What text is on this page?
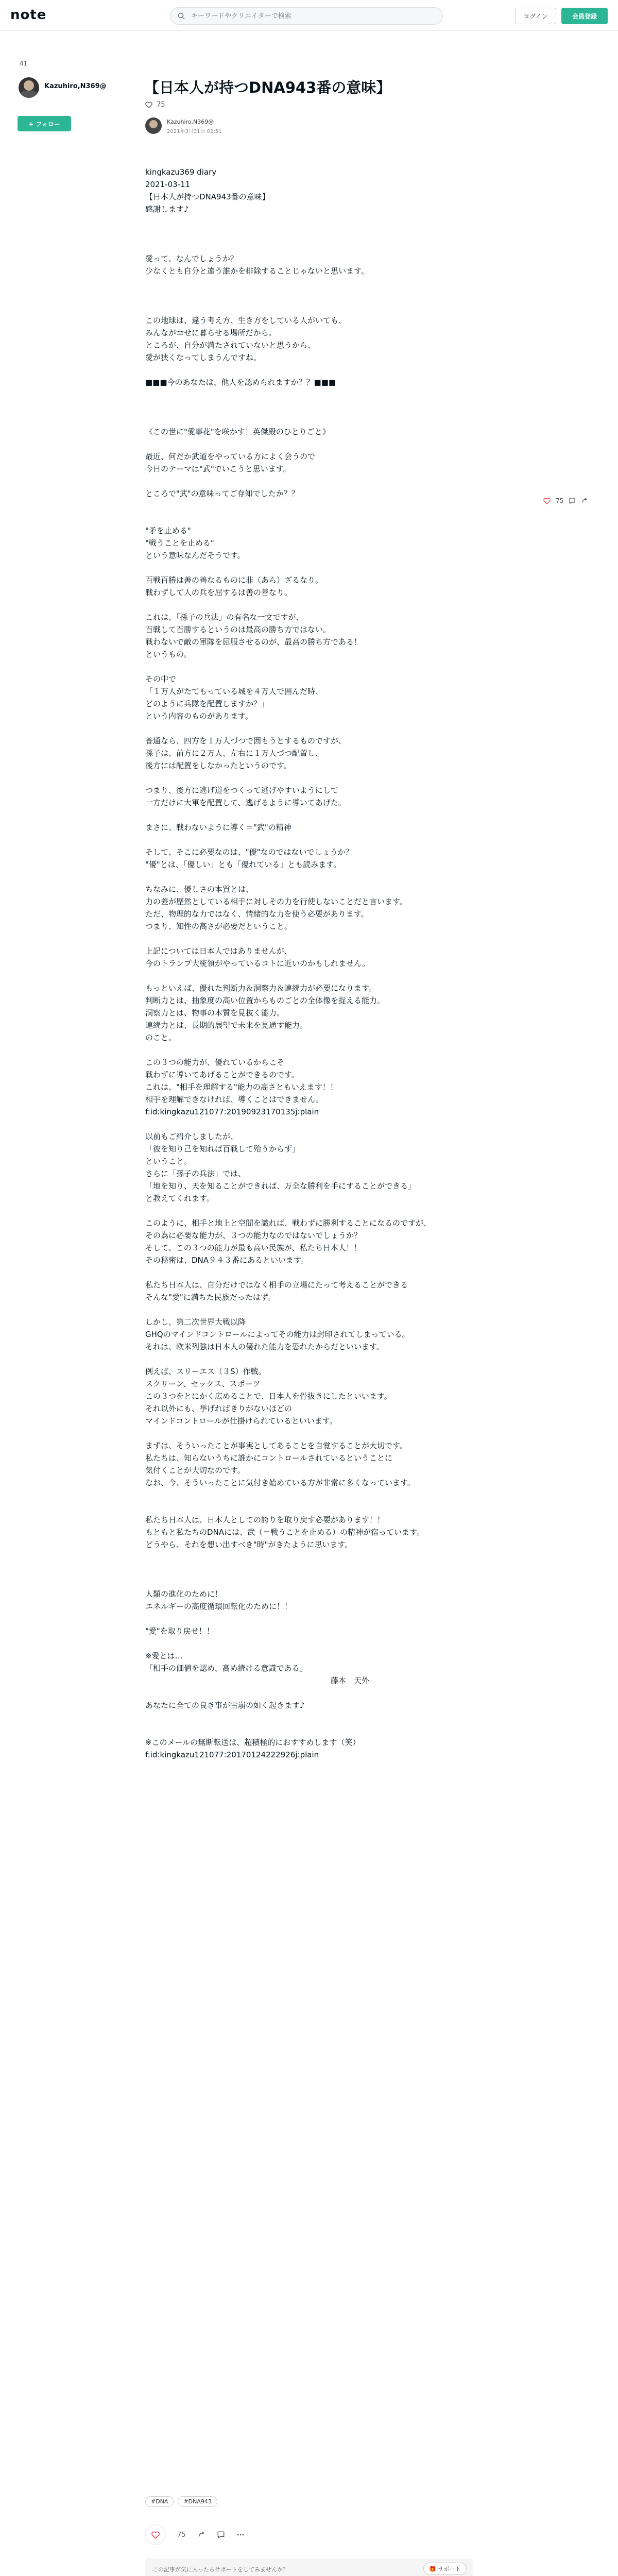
note
キーワードやクリエイターで検索	ログイン	会員登録
41
Kazuhiro,N369@
+ フォロー
【日本人が持つDNA943番の意味】
75
Kazuhiro,N369@
2021年3月31日 02:51

kingkazu369 diary

2021-03-11

【日本人が持つDNA943番の意味】

感謝します♪

愛って、なんでしょうか？

少なくとも自分と違う誰かを排除することじゃないと思います。

この地球は、違う考え方、生き方をしている人がいても、

みんなが幸せに暮らせる場所だから。

ところが、自分が満たされていないと思うから、

愛が狭くなってしまうんですね。

■■■今のあなたは、他人を認められますか？？■■■

《この世に"愛事花"を咲かす！英傑殿のひとりごと》

最近、何だか武道をやっている方によく会うので

今日のテーマは"武"でいこうと思います。

ところで"武"の意味ってご存知でしたか？？

"矛を止める"

"戦うことを止める"

という意味なんだそうです。

百戦百勝は善の善なるものに非（あら）ざるなり。

戦わずして人の兵を屈するは善の善なり。

これは、「孫子の兵法」の有名な一文ですが、

百戦して百勝するというのは最高の勝ち方ではない。

戦わないで敵の軍隊を屈服させるのが、最高の勝ち方である！

というもの。

その中で

「１万人がたてもっている城を４万人で囲んだ時、

どのように兵隊を配置しますか？」

という内容のものがあります。

普通なら、四方を１万人づつで囲もうとするものですが、

孫子は、前方に２万人、左右に１万人づつ配置し、

後方には配置をしなかったというのです。

つまり、後方に逃げ道をつくって逃げやすいようにして

一方だけに大軍を配置して、逃げるように導いてあげた。

まさに、戦わないように導く＝"武"の精神

そして、そこに必要なのは、"優"なのではないでしょうか？

"優"とは、「優しい」とも「優れている」とも読みます。

ちなみに、優しさの本質とは、

力の差が歴然としている相手に対しその力を行使しないことだと言います。

ただ、物理的な力ではなく、情緒的な力を使う必要があります。

つまり、知性の高さが必要だということ。

上記については日本人ではありませんが、

今のトランプ大統領がやっているコトに近いのかもしれません。

もっといえば、優れた判断力＆洞察力＆連続力が必要になります。

判断力とは、抽象度の高い位置からものごとの全体像を捉える能力。

洞察力とは、物事の本質を見抜く能力。

連続力とは、長期的展望で未来を見通す能力。

のこと。

この３つの能力が、優れているからこそ

戦わずに導いてあげることができるのです。

これは、"相手を理解する"能力の高さともいえます！！

相手を理解できなければ、導くことはできません。

f:id:kingkazu121077:20190923170135j:plain

以前もご紹介しましたが、

「彼を知り己を知れば百戦して殆うからず」

ということ。

さらに「孫子の兵法」では、

「地を知り、天を知ることができれば、万全な勝利を手にすることができる」

と教えてくれます。

このように、相手と地上と空間を識れば、戦わずに勝利することになるのですが、

その為に必要な能力が、３つの能力なのではないでしょうか？

そして、この３つの能力が最も高い民族が、私たち日本人！！

その秘密は、DNA９４３番にあるといいます。

私たち日本人は、自分だけではなく相手の立場にたって考えることができる

そんな"愛"に満ちた民族だったはず。

しかし、第二次世界大戦以降

GHQのマインドコントロールによってその能力は封印されてしまっている。

それは、欧米列強は日本人の優れた能力を恐れたからだといいます。

例えば、スリーエス（３S）作戦。

スクリーン、セックス、スポーツ

この３つをとにかく広めることで、日本人を骨抜きにしたといいます。

それ以外にも、挙げればきりがないほどの

マインドコントロールが仕掛けられているといいます。

まずは、そういったことが事実としてあることを自覚することが大切です。

私たちは、知らないうちに誰かにコントロールされているということに

気付くことが大切なのです。

なお、今、そういったことに気付き始めている方が非常に多くなっています。

私たち日本人は、日本人としての誇りを取り戻す必要があります！！

もともと私たちのDNAには、武（＝戦うことを止める）の精神が宿っています。

どうやら、それを想い出すべき"時"がきたように思います。

人類の進化のために！

エネルギーの高度循環回転化のために！！

"愛"を取り戻せ！！

※愛とは…

「相手の価値を認め、高め続ける意識である」

　　　　　　　　　　　　　　　　　　　　　　　　藤本　天外

あなたに全ての良き事が雪崩の如く起きます♪

※このメールの無断転送は、超積極的におすすめします（笑）

f:id:kingkazu121077:20170124222926j:plain

75
#DNA	#DNA943
75
この記事が気に入ったらサポートをしてみませんか？	🎁 サポート
